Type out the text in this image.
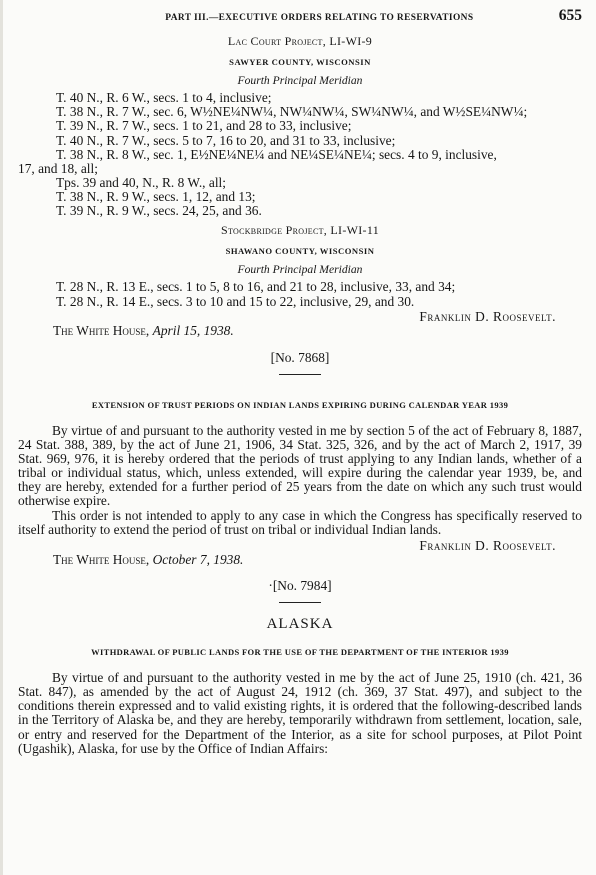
PART III.—EXECUTIVE ORDERS RELATING TO RESERVATIONS	655
Lac Court Project, LI-WI-9
SAWYER COUNTY, WISCONSIN
Fourth Principal Meridian

T. 40 N., R. 6 W., secs. 1 to 4, inclusive;

T. 38 N., R. 7 W., sec. 6, W½NE¼NW¼, NW¼NW¼, SW¼NW¼, and W½SE¼NW¼;

T. 39 N., R. 7 W., secs. 1 to 21, and 28 to 33, inclusive;

T. 40 N., R. 7 W., secs. 5 to 7, 16 to 20, and 31 to 33, inclusive;

T. 38 N., R. 8 W., sec. 1, E½NE¼NE¼ and NE¼SE¼NE¼; secs. 4 to 9, inclusive,

17, and 18, all;

Tps. 39 and 40, N., R. 8 W., all;

T. 38 N., R. 9 W., secs. 1, 12, and 13;

T. 39 N., R. 9 W., secs. 24, 25, and 36.

Stockbridge Project, LI-WI-11
SHAWANO COUNTY, WISCONSIN
Fourth Principal Meridian

T. 28 N., R. 13 E., secs. 1 to 5, 8 to 16, and 21 to 28, inclusive, 33, and 34;

T. 28 N., R. 14 E., secs. 3 to 10 and 15 to 22, inclusive, 29, and 30.

Franklin D. Roosevelt.
The White House, April 15, 1938.
[No. 7868]
EXTENSION OF TRUST PERIODS ON INDIAN LANDS EXPIRING DURING CALENDAR YEAR 1939

By virtue of and pursuant to the authority vested in me by section 5 of the act of February 8, 1887, 24 Stat. 388, 389, by the act of June 21, 1906, 34 Stat. 325, 326, and by the act of March 2, 1917, 39 Stat. 969, 976, it is hereby ordered that the periods of trust applying to any Indian lands, whether of a tribal or individual status, which, unless extended, will expire during the calendar year 1939, be, and they are hereby, extended for a further period of 25 years from the date on which any such trust would otherwise expire.

This order is not intended to apply to any case in which the Congress has specifically reserved to itself authority to extend the period of trust on tribal or individual Indian lands.

Franklin D. Roosevelt.
The White House, October 7, 1938.
·[No. 7984]
ALASKA
WITHDRAWAL OF PUBLIC LANDS FOR THE USE OF THE DEPARTMENT OF THE INTERIOR 1939

By virtue of and pursuant to the authority vested in me by the act of June 25, 1910 (ch. 421, 36 Stat. 847), as amended by the act of August 24, 1912 (ch. 369, 37 Stat. 497), and subject to the conditions therein expressed and to valid existing rights, it is ordered that the following-described lands in the Territory of Alaska be, and they are hereby, temporarily withdrawn from settlement, location, sale, or entry and reserved for the Department of the Interior, as a site for school purposes, at Pilot Point (Ugashik), Alaska, for use by the Office of Indian Affairs:
